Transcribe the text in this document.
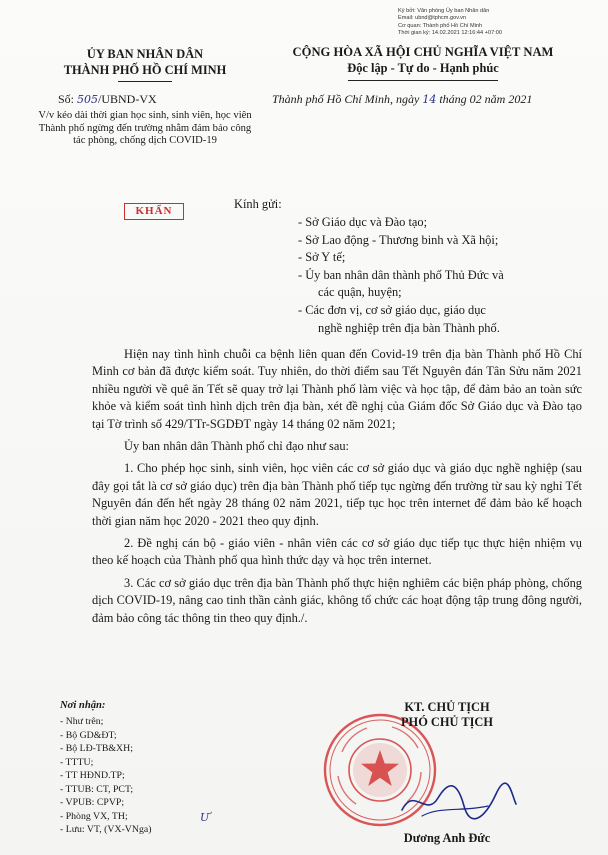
Ký bởi: Văn phòng Ủy ban Nhân dân
Email: ubnd@tphcm.gov.vn
Cơ quan: Thành phố Hồ Chí Minh
Thời gian ký: 14.02.2021 12:16:44 +07:00
ỦY BAN NHÂN DÂN
THÀNH PHỐ HỒ CHÍ MINH
CỘNG HÒA XÃ HỘI CHỦ NGHĨA VIỆT NAM
Độc lập - Tự do - Hạnh phúc
Số: 505/UBND-VX	Thành phố Hồ Chí Minh, ngày 14 tháng 02 năm 2021
V/v kéo dài thời gian học sinh, sinh viên, học viên Thành phố ngừng đến trường nhằm đảm bảo công tác phòng, chống dịch COVID-19
KHẨN	Kính gửi:
- Sở Giáo dục và Đào tạo;
- Sở Lao động - Thương binh và Xã hội;
- Sở Y tế;
- Ủy ban nhân dân thành phố Thủ Đức và
các quận, huyện;
- Các đơn vị, cơ sở giáo dục, giáo dục
nghề nghiệp trên địa bàn Thành phố.

Hiện nay tình hình chuỗi ca bệnh liên quan đến Covid-19 trên địa bàn Thành phố Hồ Chí Minh cơ bản đã được kiểm soát. Tuy nhiên, do thời điểm sau Tết Nguyên đán Tân Sửu năm 2021 nhiều người về quê ăn Tết sẽ quay trở lại Thành phố làm việc và học tập, để đảm bảo an toàn sức khỏe và kiểm soát tình hình dịch trên địa bàn, xét đề nghị của Giám đốc Sở Giáo dục và Đào tạo tại Tờ trình số 429/TTr-SGDĐT ngày 14 tháng 02 năm 2021;

Ủy ban nhân dân Thành phố chỉ đạo như sau:

1. Cho phép học sinh, sinh viên, học viên các cơ sở giáo dục và giáo dục nghề nghiệp (sau đây gọi tắt là cơ sở giáo dục) trên địa bàn Thành phố tiếp tục ngừng đến trường từ sau kỳ nghỉ Tết Nguyên đán đến hết ngày 28 tháng 02 năm 2021, tiếp tục học trên internet để đảm bảo kế hoạch thời gian năm học 2020 - 2021 theo quy định.

2. Đề nghị cán bộ - giáo viên - nhân viên các cơ sở giáo dục tiếp tục thực hiện nhiệm vụ theo kế hoạch của Thành phố qua hình thức dạy và học trên internet.

3. Các cơ sở giáo dục trên địa bàn Thành phố thực hiện nghiêm các biện pháp phòng, chống dịch COVID-19, nâng cao tinh thần cảnh giác, không tổ chức các hoạt động tập trung đông người, đảm bảo công tác thông tin theo quy định./.

Nơi nhận:
- Như trên;
- Bộ GD&ĐT;
- Bộ LĐ-TB&XH;
- TTTU;
- TT HĐND.TP;
- TTUB: CT, PCT;
- VPUB: CPVP;
- Phòng VX, TH;
- Lưu: VT, (VX-VNga)
Ư
KT. CHỦ TỊCH
PHÓ CHỦ TỊCH
Dương Anh Đức
